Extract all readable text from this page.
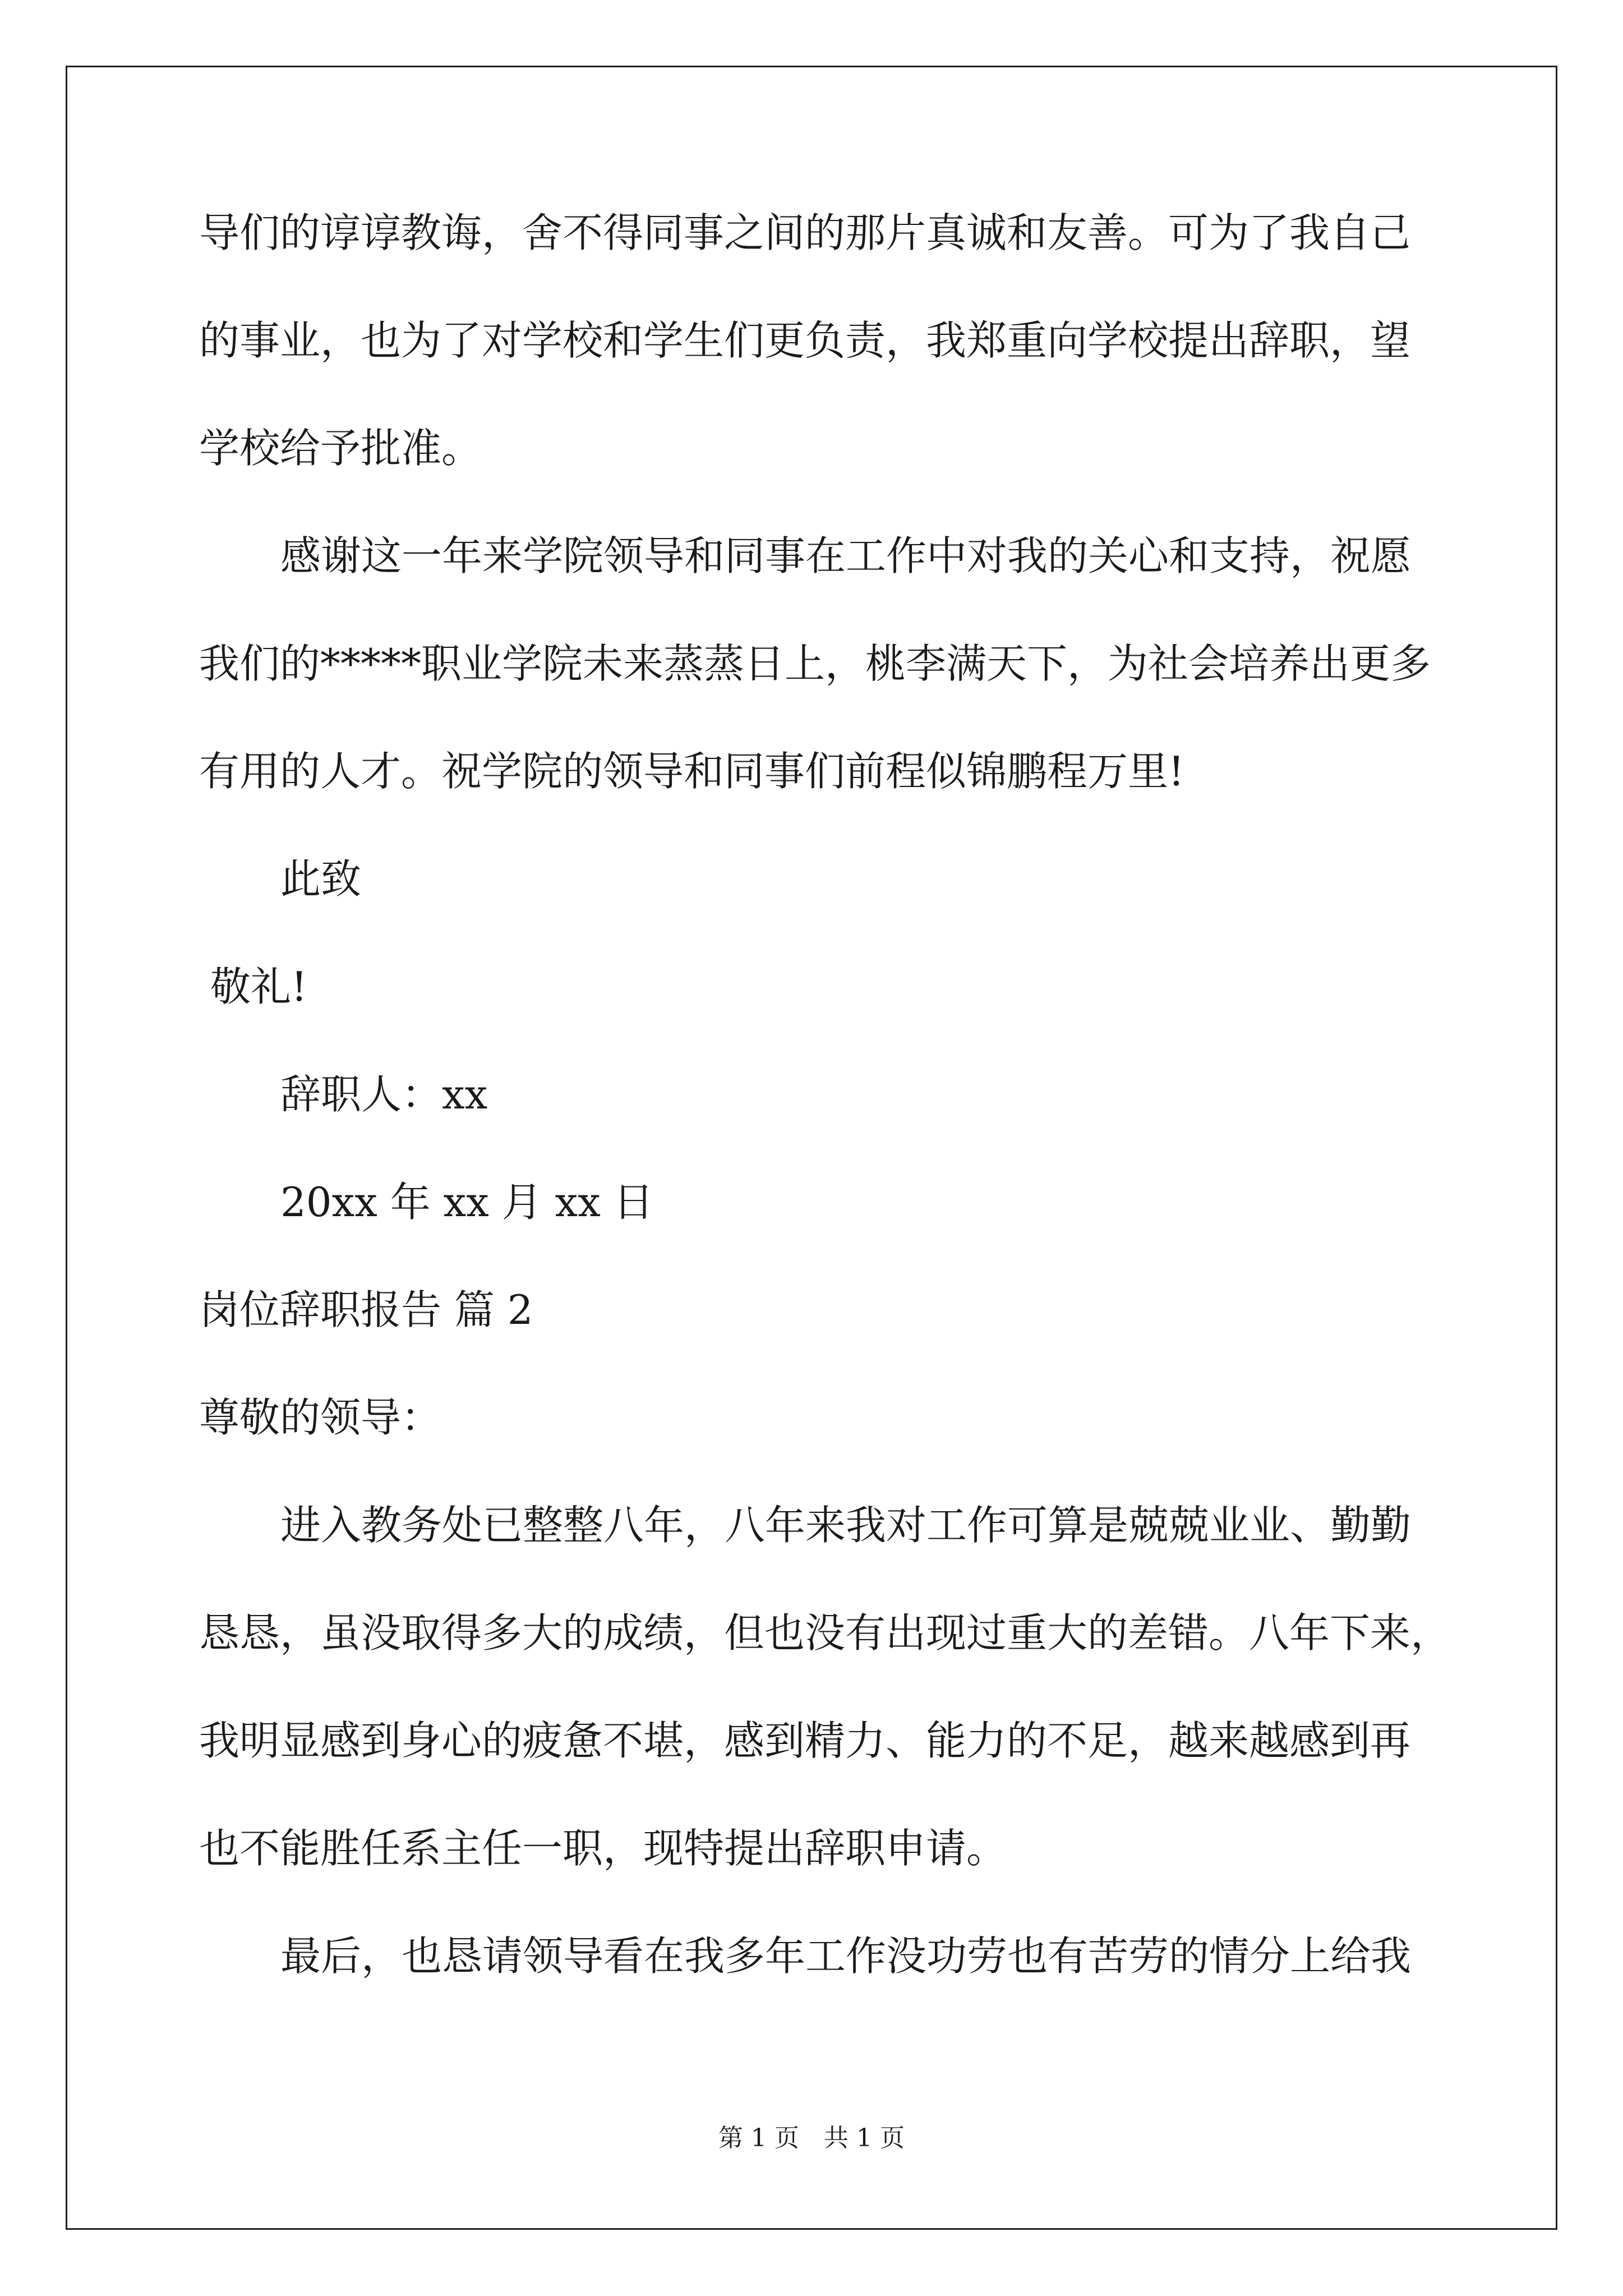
导们的谆谆教诲，舍不得同事之间的那片真诚和友善。可为了我自己
的事业，也为了对学校和学生们更负责，我郑重向学校提出辞职，望
学校给予批准。
感谢这一年来学院领导和同事在工作中对我的关心和支持，祝愿
我们的*****职业学院未来蒸蒸日上，桃李满天下，为社会培养出更多
有用的人才。祝学院的领导和同事们前程似锦鹏程万里!
此致
敬礼!
辞职人：xx
20xx 年 xx 月 xx 日
岗位辞职报告 篇 2
尊敬的领导：
进入教务处已整整八年，八年来我对工作可算是兢兢业业、勤勤
恳恳，虽没取得多大的成绩，但也没有出现过重大的差错。八年下来，
我明显感到身心的疲惫不堪，感到精力、能力的不足，越来越感到再
也不能胜任系主任一职，现特提出辞职申请。
最后，也恳请领导看在我多年工作没功劳也有苦劳的情分上给我
第 1 页　共 1 页
